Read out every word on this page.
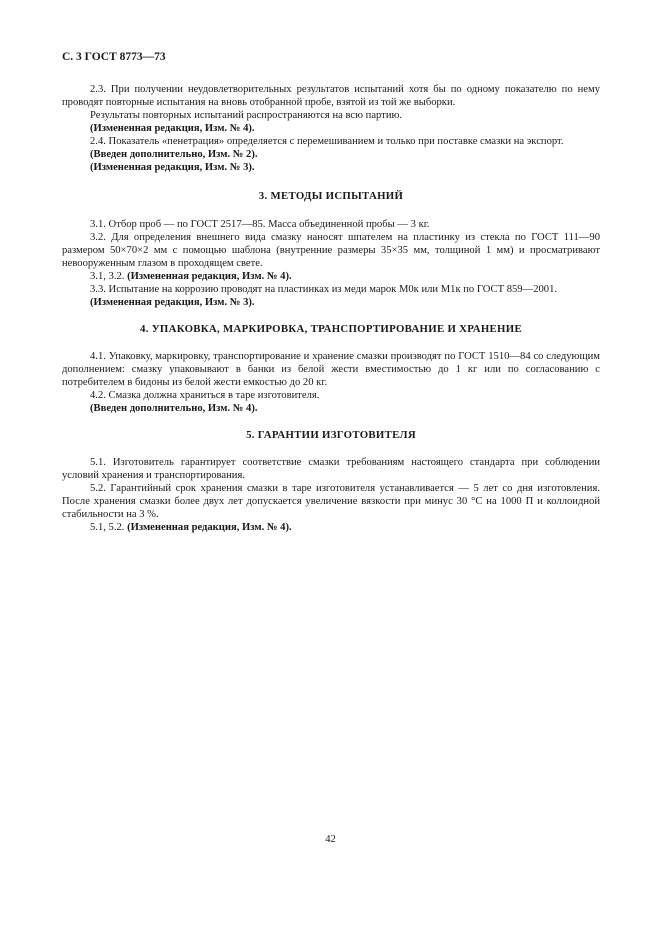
С. 3 ГОСТ 8773—73

2.3. При получении неудовлетворительных результатов испытаний хотя бы по одному показателю по нему проводят повторные испытания на вновь отобранной пробе, взятой из той же выборки.

Результаты повторных испытаний распространяются на всю партию.

(Измененная редакция, Изм. № 4).

2.4. Показатель «пенетрация» определяется с перемешиванием и только при поставке смазки на экспорт.

(Введен дополнительно, Изм. № 2).

(Измененная редакция, Изм. № 3).

3. МЕТОДЫ ИСПЫТАНИЙ

3.1. Отбор проб — по ГОСТ 2517—85. Масса объединенной пробы — 3 кг.

3.2. Для определения внешнего вида смазку наносят шпателем на пластинку из стекла по ГОСТ 111—90 размером 50×70×2 мм с помощью шаблона (внутренние размеры 35×35 мм, толщиной 1 мм) и просматривают невооруженным глазом в проходящем свете.

3.1, 3.2. (Измененная редакция, Изм. № 4).

3.3. Испытание на коррозию проводят на пластинках из меди марок М0к или М1к по ГОСТ 859—2001.

(Измененная редакция, Изм. № 3).

4. УПАКОВКА, МАРКИРОВКА, ТРАНСПОРТИРОВАНИЕ И ХРАНЕНИЕ

4.1. Упаковку, маркировку, транспортирование и хранение смазки производят по ГОСТ 1510—84 со следующим дополнением: смазку упаковывают в банки из белой жести вместимостью до 1 кг или по согласованию с потребителем в бидоны из белой жести емкостью до 20 кг.

4.2. Смазка должна храниться в таре изготовителя.

(Введен дополнительно, Изм. № 4).

5. ГАРАНТИИ ИЗГОТОВИТЕЛЯ

5.1. Изготовитель гарантирует соответствие смазки требованиям настоящего стандарта при соблюдении условий хранения и транспортирования.

5.2. Гарантийный срок хранения смазки в таре изготовителя устанавливается — 5 лет со дня изготовления. После хранения смазки более двух лет допускается увеличение вязкости при минус 30 °С на 1000 П и коллоидной стабильности на 3 %.

5.1, 5.2. (Измененная редакция, Изм. № 4).

42
